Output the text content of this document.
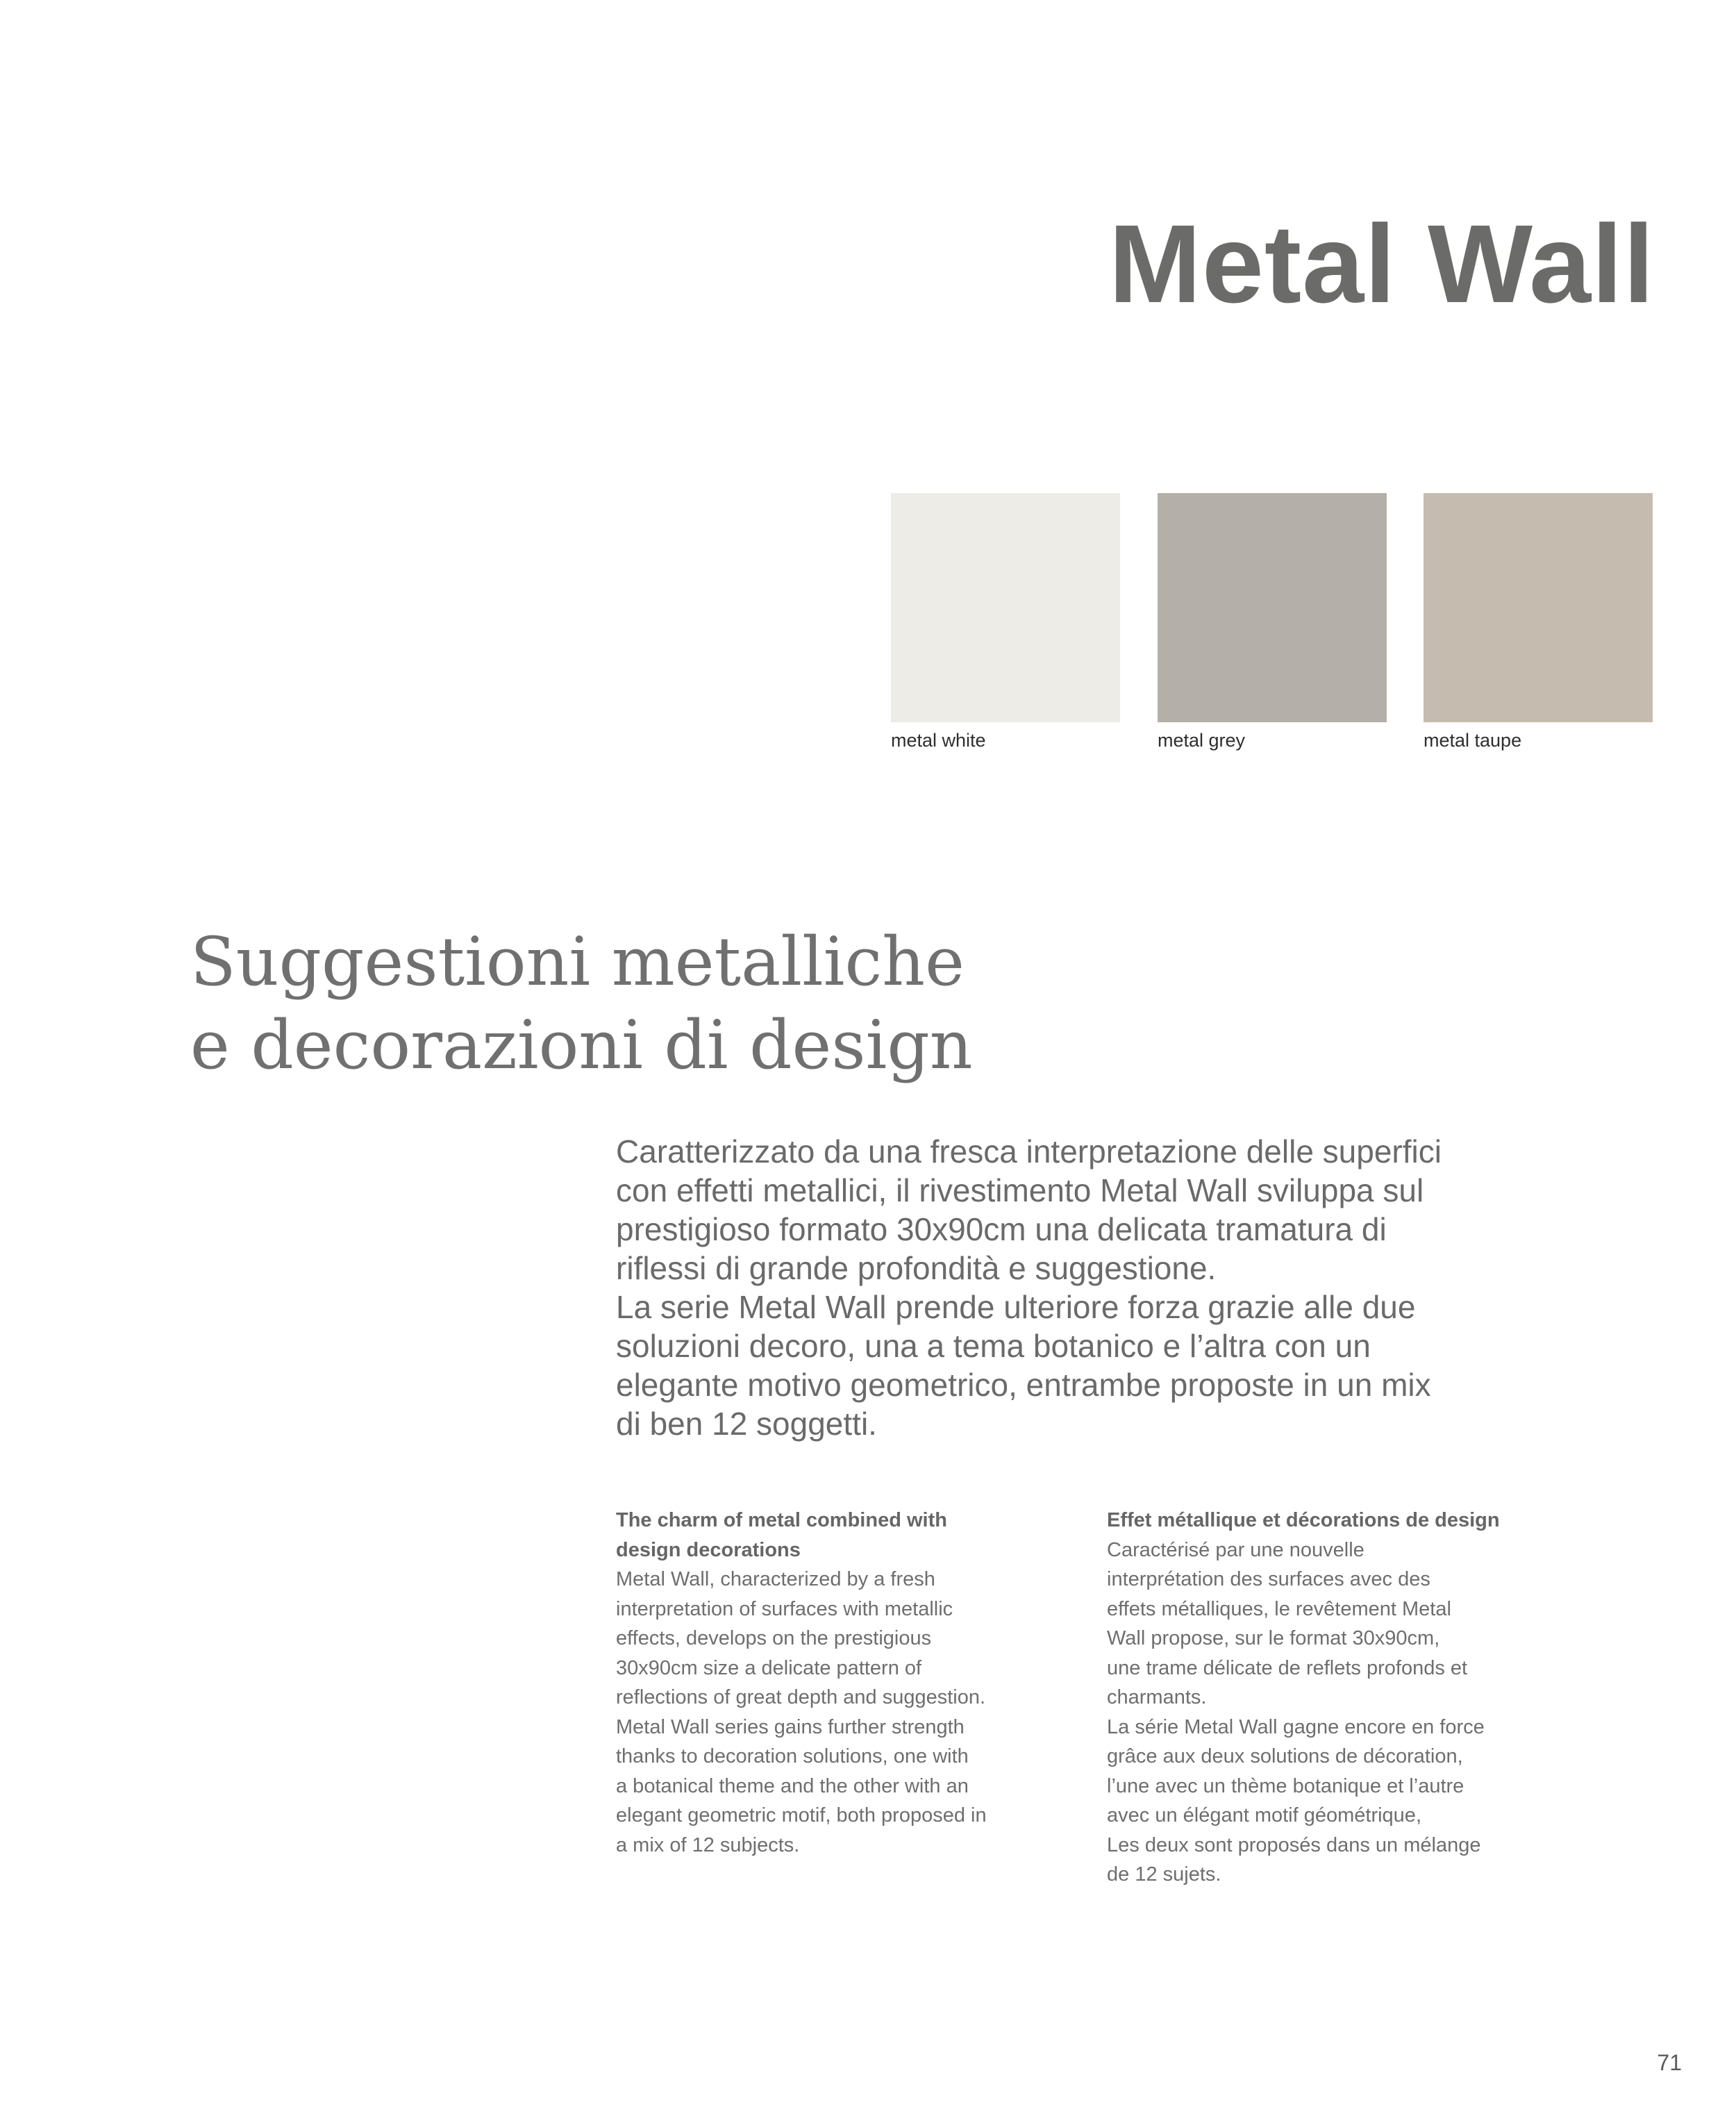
Metal Wall
metal white	metal grey	metal taupe
Suggestioni metalliche
e decorazioni di design

Caratterizzato da una fresca interpretazione delle superfici

con effetti metallici, il rivestimento Metal Wall sviluppa sul

prestigioso formato 30x90cm una delicata tramatura di

riflessi di grande profondità e suggestione.

La serie Metal Wall prende ulteriore forza grazie alle due

soluzioni decoro, una a tema botanico e l’altra con un

elegante motivo geometrico, entrambe proposte in un mix

di ben 12 soggetti.

The charm of metal combined with
design decorations
Metal Wall, characterized by a fresh
interpretation of surfaces with metallic
effects, develops on the prestigious
30x90cm size a delicate pattern of
reflections of great depth and suggestion.
Metal Wall series gains further strength
thanks to decoration solutions, one with
a botanical theme and the other with an
elegant geometric motif, both proposed in
a mix of 12 subjects.
Effet métallique et décorations de design
Caractérisé par une nouvelle
interprétation des surfaces avec des
effets métalliques, le revêtement Metal
Wall propose, sur le format 30x90cm,
une trame délicate de reflets profonds et
charmants.
La série Metal Wall gagne encore en force
grâce aux deux solutions de décoration,
l’une avec un thème botanique et l’autre
avec un élégant motif géométrique,
Les deux sont proposés dans un mélange
de 12 sujets.
71
